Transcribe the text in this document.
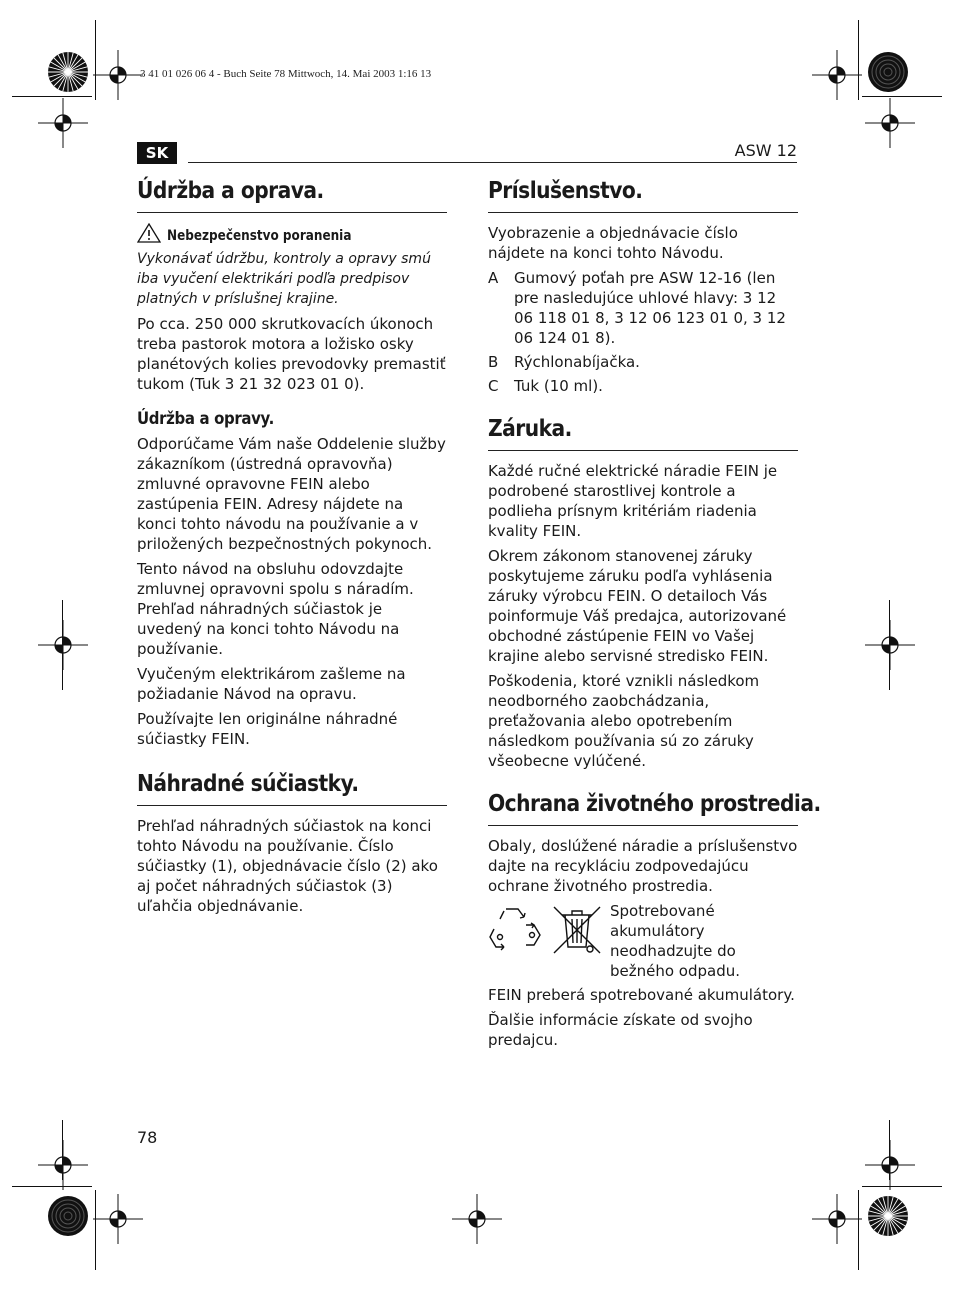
3 41 01 026 06 4 - Buch Seite 78 Mittwoch, 14. Mai 2003 1:16 13
SK	ASW 12
Údržba a oprava.
Nebezpečenstvo poranenia

Vykonávať údržbu, kontroly a opravy smú iba vyučení elektrikári podľa predpisov platných v príslušnej krajine.

Po cca. 250 000 skrutkovacích úkonoch treba pastorok motora a ložisko osky planétových kolies prevodovky premastiť tukom (Tuk 3 21 32 023 01 0).

Údržba a opravy.

Odporúčame Vám naše Oddelenie služby zákazníkom (ústredná opravovňa) zmluvné opravovne FEIN alebo zastúpenia FEIN. Adresy nájdete na konci tohto návodu na používanie a v priložených bezpečnostných pokynoch.

Tento návod na obsluhu odovzdajte zmluvnej opravovni spolu s náradím. Prehľad náhradných súčiastok je uvedený na konci tohto Návodu na používanie.

Vyučeným elektrikárom zašleme na požiadanie Návod na opravu.

Používajte len originálne náhradné súčiastky FEIN.

Náhradné súčiastky.

Prehľad náhradných súčiastok na konci tohto Návodu na používanie. Číslo súčiastky (1), objednávacie číslo (2) ako aj počet náhradných súčiastok (3) uľahčia objednávanie.

Príslušenstvo.

Vyobrazenie a objednávacie číslo nájdete na konci tohto Návodu.

A	Gumový poťah pre ASW 12-16 (len pre nasledujúce uhlové hlavy: 3 12 06 118 01 8, 3 12 06 123 01 0, 3 12 06 124 01 8).
B	Rýchlonabíjačka.
C	Tuk (10 ml).
Záruka.

Každé ručné elektrické náradie FEIN je podrobené starostlivej kontrole a podlieha prísnym kritériám riadenia kvality FEIN.

Okrem zákonom stanovenej záruky poskytujeme záruku podľa vyhlásenia záruky výrobcu FEIN. O detailoch Vás poinformuje Váš predajca, autorizované obchodné zástúpenie FEIN vo Vašej krajine alebo servisné stredisko FEIN.

Poškodenia, ktoré vznikli následkom neodborného zaobchádzania, preťažovania alebo opotrebením následkom používania sú zo záruky všeobecne vylúčené.

Ochrana životného prostredia.

Obaly, doslúžené náradie a príslušenstvo dajte na recykláciu zodpovedajúcu ochrane životného prostredia.

Spotrebované akumulátory neodhadzujte do bežného odpadu.

FEIN preberá spotrebované akumulátory.

Ďalšie informácie získate od svojho predajcu.

78
